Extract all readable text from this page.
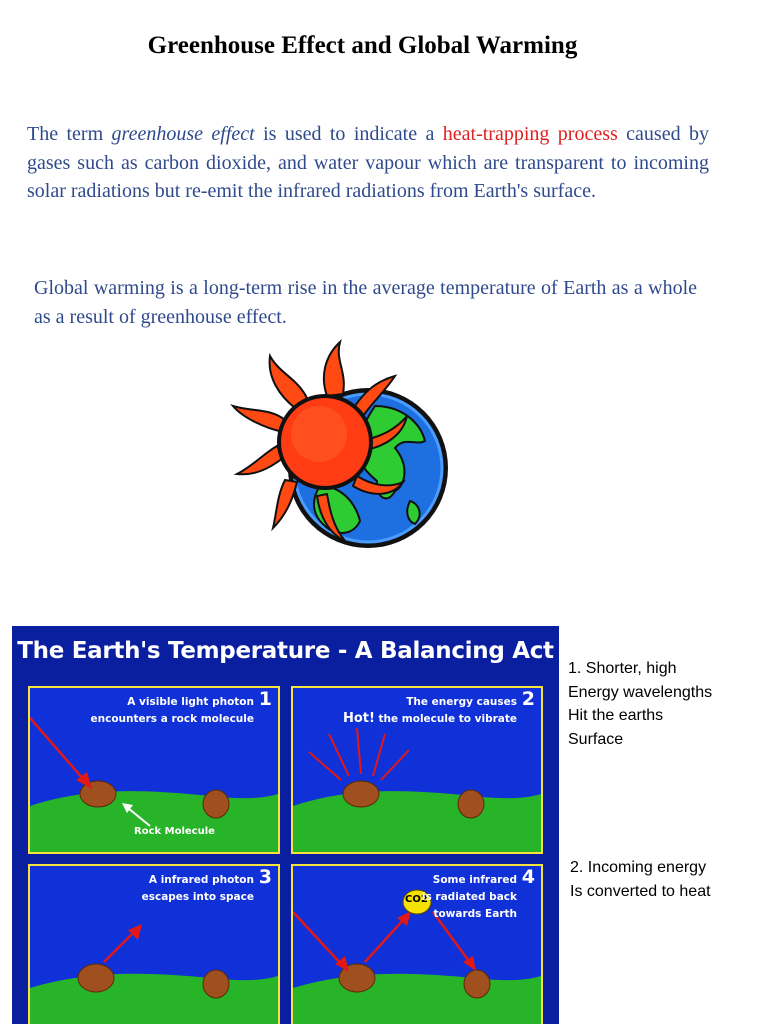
Greenhouse Effect and Global Warming
The term greenhouse effect is used to indicate a heat-trapping process caused by gases such as carbon dioxide, and water vapour which are transparent to incoming solar radiations but re-emit the infrared radiations from Earth's surface.
Global warming is a long-term rise in the average temperature of Earth as a whole as a result of greenhouse effect.
The Earth's Temperature - A Balancing Act
1
A visible light photon
encounters a rock molecule
Rock Molecule
2
The energy causes
the molecule to vibrate
Hot!
3
A infrared photon
escapes into space	CO2
4
Some infrared
is radiated back
towards Earth
1. Shorter, high
Energy wavelengths
Hit the earths
Surface
2. Incoming energy
Is converted to heat
